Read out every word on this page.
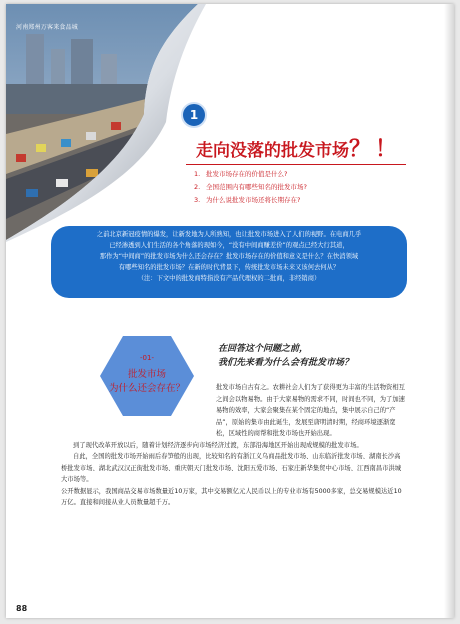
河南郑州万客来食品城
1
走向没落的批发市场？！
1. 批发市场存在的价值是什么?
2. 全国范围内有哪些知名的批发市场?
3. 为什么说批发市场还将长期存在?

之前北京新冠疫情的爆发，让新发地为人所熟知，也让批发市场进入了人们的视野。在电商几乎

已经渗透到人们生活的各个角落的现如今，“没有中间商赚差价”的观点已经大行其道，

那作为“中间商”的批发市场为什么还会存在？批发市场存在的价值和意义是什么？在快消领域

有哪些知名的批发市场？在新的时代背景下，传统批发市场未来又该何去何从？

（注：下文中的批发商特指没有产品代理权的二批商，非经销商）

-01-
批发市场
为什么还会存在？
在回答这个问题之前，
我们先来看为什么会有批发市场？

批发市场自古有之。农耕社会人们为了获得更为丰富的生活物资相互之间会以物易物。由于大家易物的需求不同，时间也不同，为了加速易物的效率，大家会聚集在某个固定的地点，集中展示自己的“产品”，原始的集市由此诞生，发展至唐明清时期，经商环境逐渐宽松，区域性的商帮和批发市场也开始出现。

到了现代改革开放以后，随着计划经济逐步向市场经济过渡，东部沿海地区开始出现成规模的批发市场。

自此，全国的批发市场开始雨后春笋般的出现，比较知名的有浙江义乌商品批发市场、山东临沂批发市场、湖南长沙高桥批发市场、湖北武汉汉正街批发市场、重庆朝天门批发市场、沈阳五爱市场、石家庄新华集贸中心市场、江西南昌市洪城大市场等。

公开数据显示，我国商品交易市场数量近10万家，其中交易额亿元人民币以上的专业市场有5000多家，总交易规模达近10万亿。直接和间接从业人员数量超千万。

88
